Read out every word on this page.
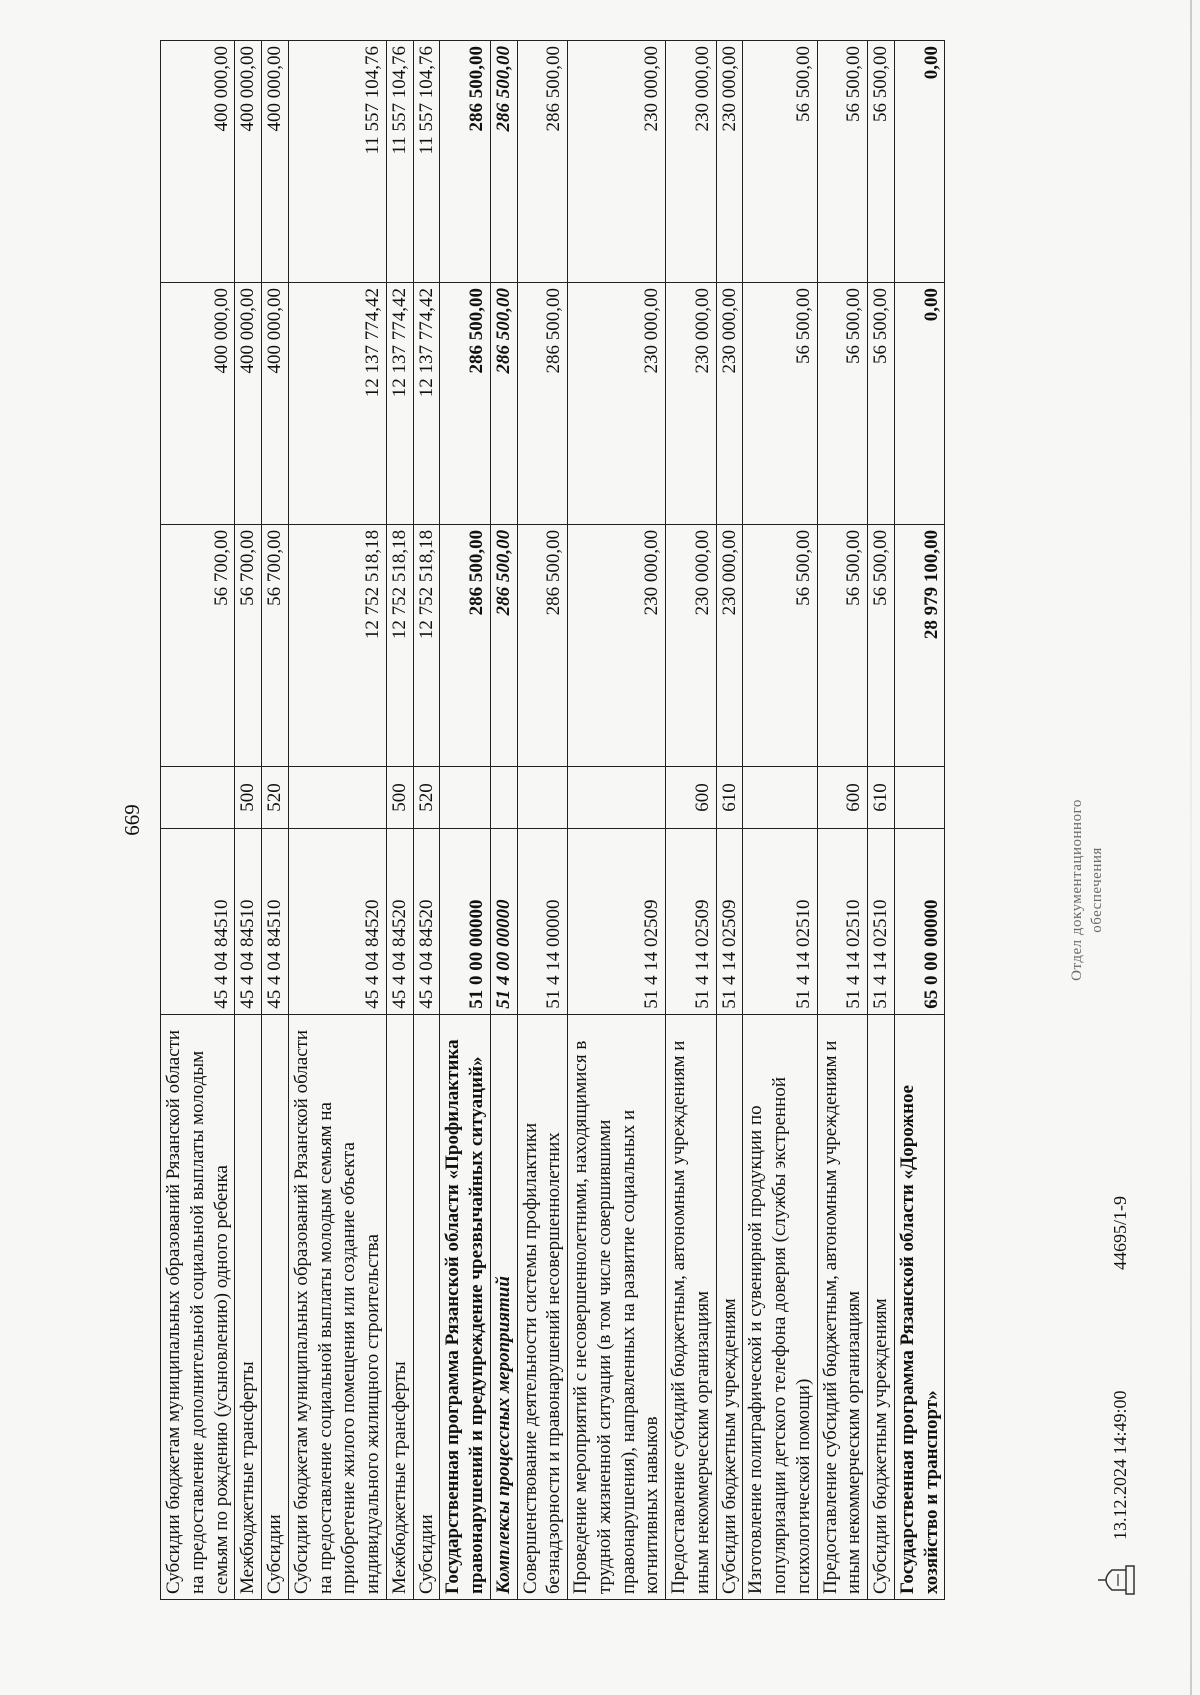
669
Субсидии бюджетам муниципальных образований Рязанской области на предоставление дополнительной социальной выплаты молодым семьям по рождению (усыновлению) одного ребенка	45 4 04 84510		56 700,00	400 000,00	400 000,00
Межбюджетные трансферты	45 4 04 84510	500	56 700,00	400 000,00	400 000,00
Субсидии	45 4 04 84510	520	56 700,00	400 000,00	400 000,00
Субсидии бюджетам муниципальных образований Рязанской области на предоставление социальной выплаты молодым семьям на приобретение жилого помещения или создание объекта индивидуального жилищного строительства	45 4 04 84520		12 752 518,18	12 137 774,42	11 557 104,76
Межбюджетные трансферты	45 4 04 84520	500	12 752 518,18	12 137 774,42	11 557 104,76
Субсидии	45 4 04 84520	520	12 752 518,18	12 137 774,42	11 557 104,76
Государственная программа Рязанской области «Профилактика правонарушений и предупреждение чрезвычайных ситуаций»	51 0 00 00000		286 500,00	286 500,00	286 500,00
Комплексы процессных мероприятий	51 4 00 00000		286 500,00	286 500,00	286 500,00
Совершенствование деятельности системы профилактики безнадзорности и правонарушений несовершеннолетних	51 4 14 00000		286 500,00	286 500,00	286 500,00
Проведение мероприятий с несовершеннолетними, находящимися в трудной жизненной ситуации (в том числе совершившими правонарушения), направленных на развитие социальных и когнитивных навыков	51 4 14 02509		230 000,00	230 000,00	230 000,00
Предоставление субсидий бюджетным, автономным учреждениям и иным некоммерческим организациям	51 4 14 02509	600	230 000,00	230 000,00	230 000,00
Субсидии бюджетным учреждениям	51 4 14 02509	610	230 000,00	230 000,00	230 000,00
Изготовление полиграфической и сувенирной продукции по популяризации детского телефона доверия (службы экстренной психологической помощи)	51 4 14 02510		56 500,00	56 500,00	56 500,00
Предоставление субсидий бюджетным, автономным учреждениям и иным некоммерческим организациям	51 4 14 02510	600	56 500,00	56 500,00	56 500,00
Субсидии бюджетным учреждениям	51 4 14 02510	610	56 500,00	56 500,00	56 500,00
Государственная программа Рязанской области «Дорожное хозяйство и транспорт»	65 0 00 00000		28 979 100,00	0,00	0,00
13.12.2024 14:49:00
44695/1-9
Отдел документационного обеспечения
